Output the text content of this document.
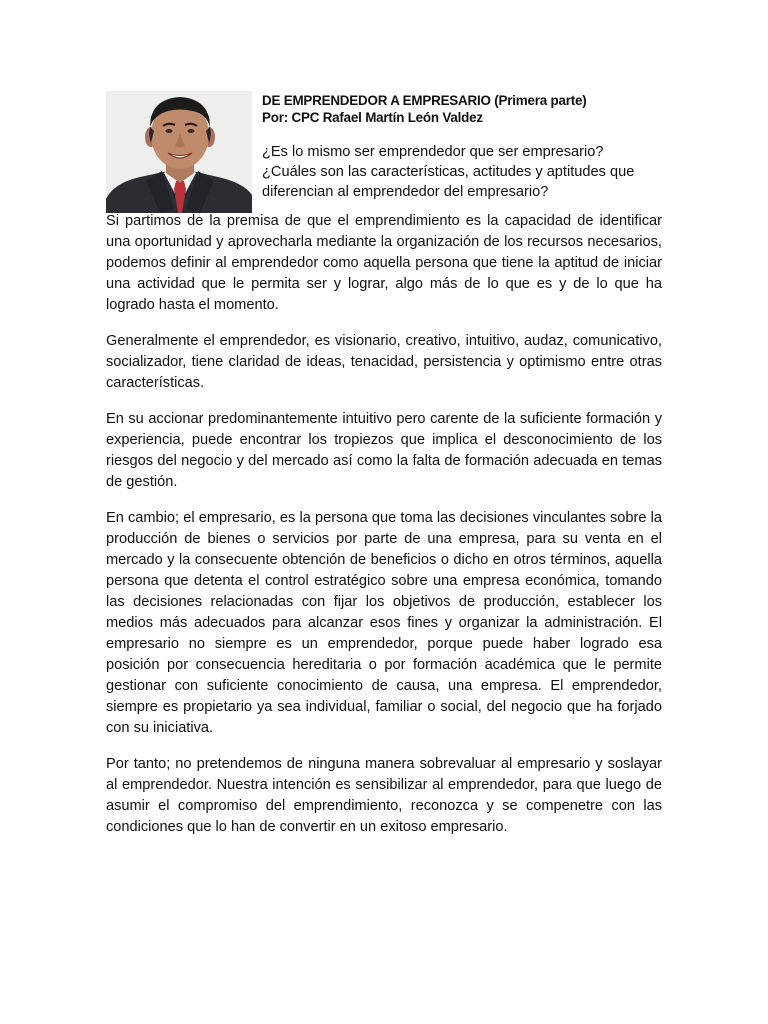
DE EMPRENDEDOR A EMPRESARIO (Primera parte)
Por: CPC Rafael Martín León Valdez

¿Es lo mismo ser emprendedor que ser empresario?

¿Cuáles son las características, actitudes y aptitudes que diferencian al emprendedor del empresario?

Si partimos de la premisa de que el emprendimiento es la capacidad de identificar una oportunidad y aprovecharla mediante la organización de los recursos necesarios, podemos definir al emprendedor como aquella persona que tiene la aptitud de iniciar una actividad que le permita ser y lograr, algo más de lo que es y de lo que ha logrado hasta el momento.

Generalmente el emprendedor, es visionario, creativo, intuitivo, audaz, comunicativo, socializador, tiene claridad de ideas, tenacidad, persistencia y optimismo entre otras características.

En su accionar predominantemente intuitivo pero carente de la suficiente formación y experiencia, puede encontrar los tropiezos que implica el desconocimiento de los riesgos del negocio y del mercado así como la falta de formación adecuada en temas de gestión.

En cambio; el empresario, es la persona que toma las decisiones vinculantes sobre la producción de bienes o servicios por parte de una empresa, para su venta en el mercado y la consecuente obtención de beneficios o dicho en otros términos, aquella persona que detenta el control estratégico sobre una empresa económica, tomando las decisiones relacionadas con fijar los objetivos de producción, establecer los medios más adecuados para alcanzar esos fines y organizar la administración. El empresario no siempre es un emprendedor, porque puede haber logrado esa posición por consecuencia hereditaria o por formación académica que le permite gestionar con suficiente conocimiento de causa, una empresa. El emprendedor, siempre es propietario ya sea individual, familiar o social, del negocio que ha forjado con su iniciativa.

Por tanto; no pretendemos de ninguna manera sobrevaluar al empresario y soslayar al emprendedor. Nuestra intención es sensibilizar al emprendedor, para que luego de asumir el compromiso del emprendimiento, reconozca y se compenetre con las condiciones que lo han de convertir en un exitoso empresario.
